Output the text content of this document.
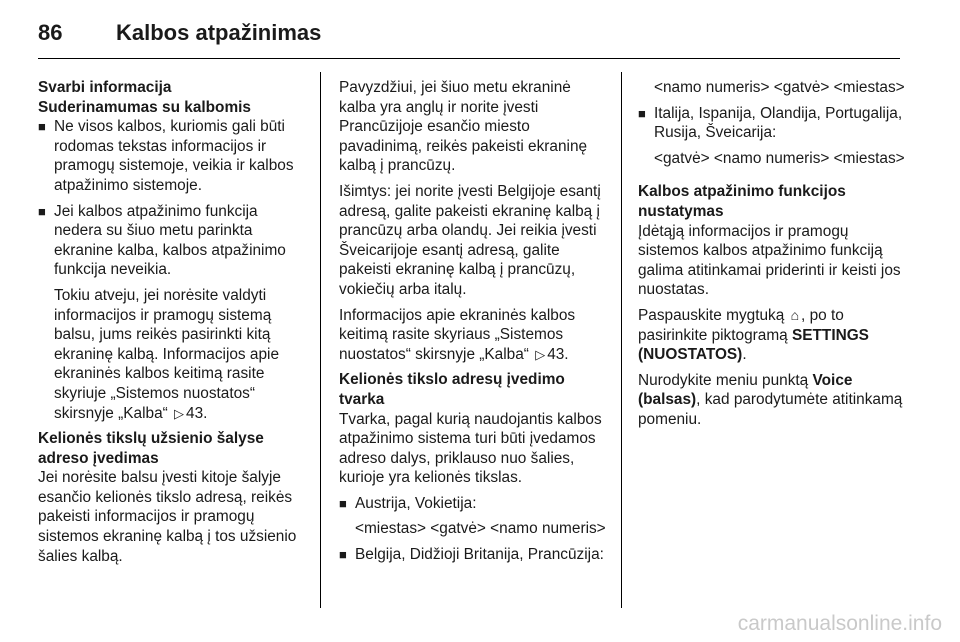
86	Kalbos atpažinimas
Svarbi informacija
Suderinamumas su kalbomis
■ Ne visos kalbos, kuriomis gali būti rodomas tekstas informacijos ir pramogų sistemoje, veikia ir kalbos atpažinimo sistemoje.
■ Jei kalbos atpažinimo funkcija nedera su šiuo metu parinkta ekranine kalba, kalbos atpažinimo funkcija neveikia.

Tokiu atveju, jei norėsite valdyti informacijos ir pramogų sistemą balsu, jums reikės pasirinkti kitą ekraninę kalbą. Informacijos apie ekraninės kalbos keitimą rasite skyriuje „Sistemos nuostatos“ skirsnyje „Kalba“ ▷ 43.

Kelionės tikslų užsienio šalyse adreso įvedimas

Jei norėsite balsu įvesti kitoje šalyje esančio kelionės tikslo adresą, reikės pakeisti informacijos ir pramogų sistemos ekraninę kalbą į tos užsienio šalies kalbą.

Pavyzdžiui, jei šiuo metu ekraninė kalba yra anglų ir norite įvesti Prancūzijoje esančio miesto pavadinimą, reikės pakeisti ekraninę kalbą į prancūzų.

Išimtys: jei norite įvesti Belgijoje esantį adresą, galite pakeisti ekraninę kalbą į prancūzų arba olandų. Jei reikia įvesti Šveicarijoje esantį adresą, galite pakeisti ekraninę kalbą į prancūzų, vokiečių arba italų.

Informacijos apie ekraninės kalbos keitimą rasite skyriaus „Sistemos nuostatos“ skirsnyje „Kalba“ ▷ 43.

Kelionės tikslo adresų įvedimo tvarka

Tvarka, pagal kurią naudojantis kalbos atpažinimo sistema turi būti įvedamos adreso dalys, priklauso nuo šalies, kurioje yra kelionės tikslas.

■ Austrija, Vokietija:

<miestas> <gatvė> <namo numeris>

■ Belgija, Didžioji Britanija, Prancūzija:

<namo numeris> <gatvė> <miestas>

■ Italija, Ispanija, Olandija, Portugalija, Rusija, Šveicarija:

<gatvė> <namo numeris> <miestas>

Kalbos atpažinimo funkcijos nustatymas

Įdėtąją informacijos ir pramogų sistemos kalbos atpažinimo funkciją galima atitinkamai priderinti ir keisti jos nuostatas.

Paspauskite mygtuką ⌂ , po to pasirinkite piktogramą SETTINGS (NUOSTATOS).

Nurodykite meniu punktą Voice (balsas), kad parodytumėte atitinkamą pomeniu.

carmanualsonline.info
